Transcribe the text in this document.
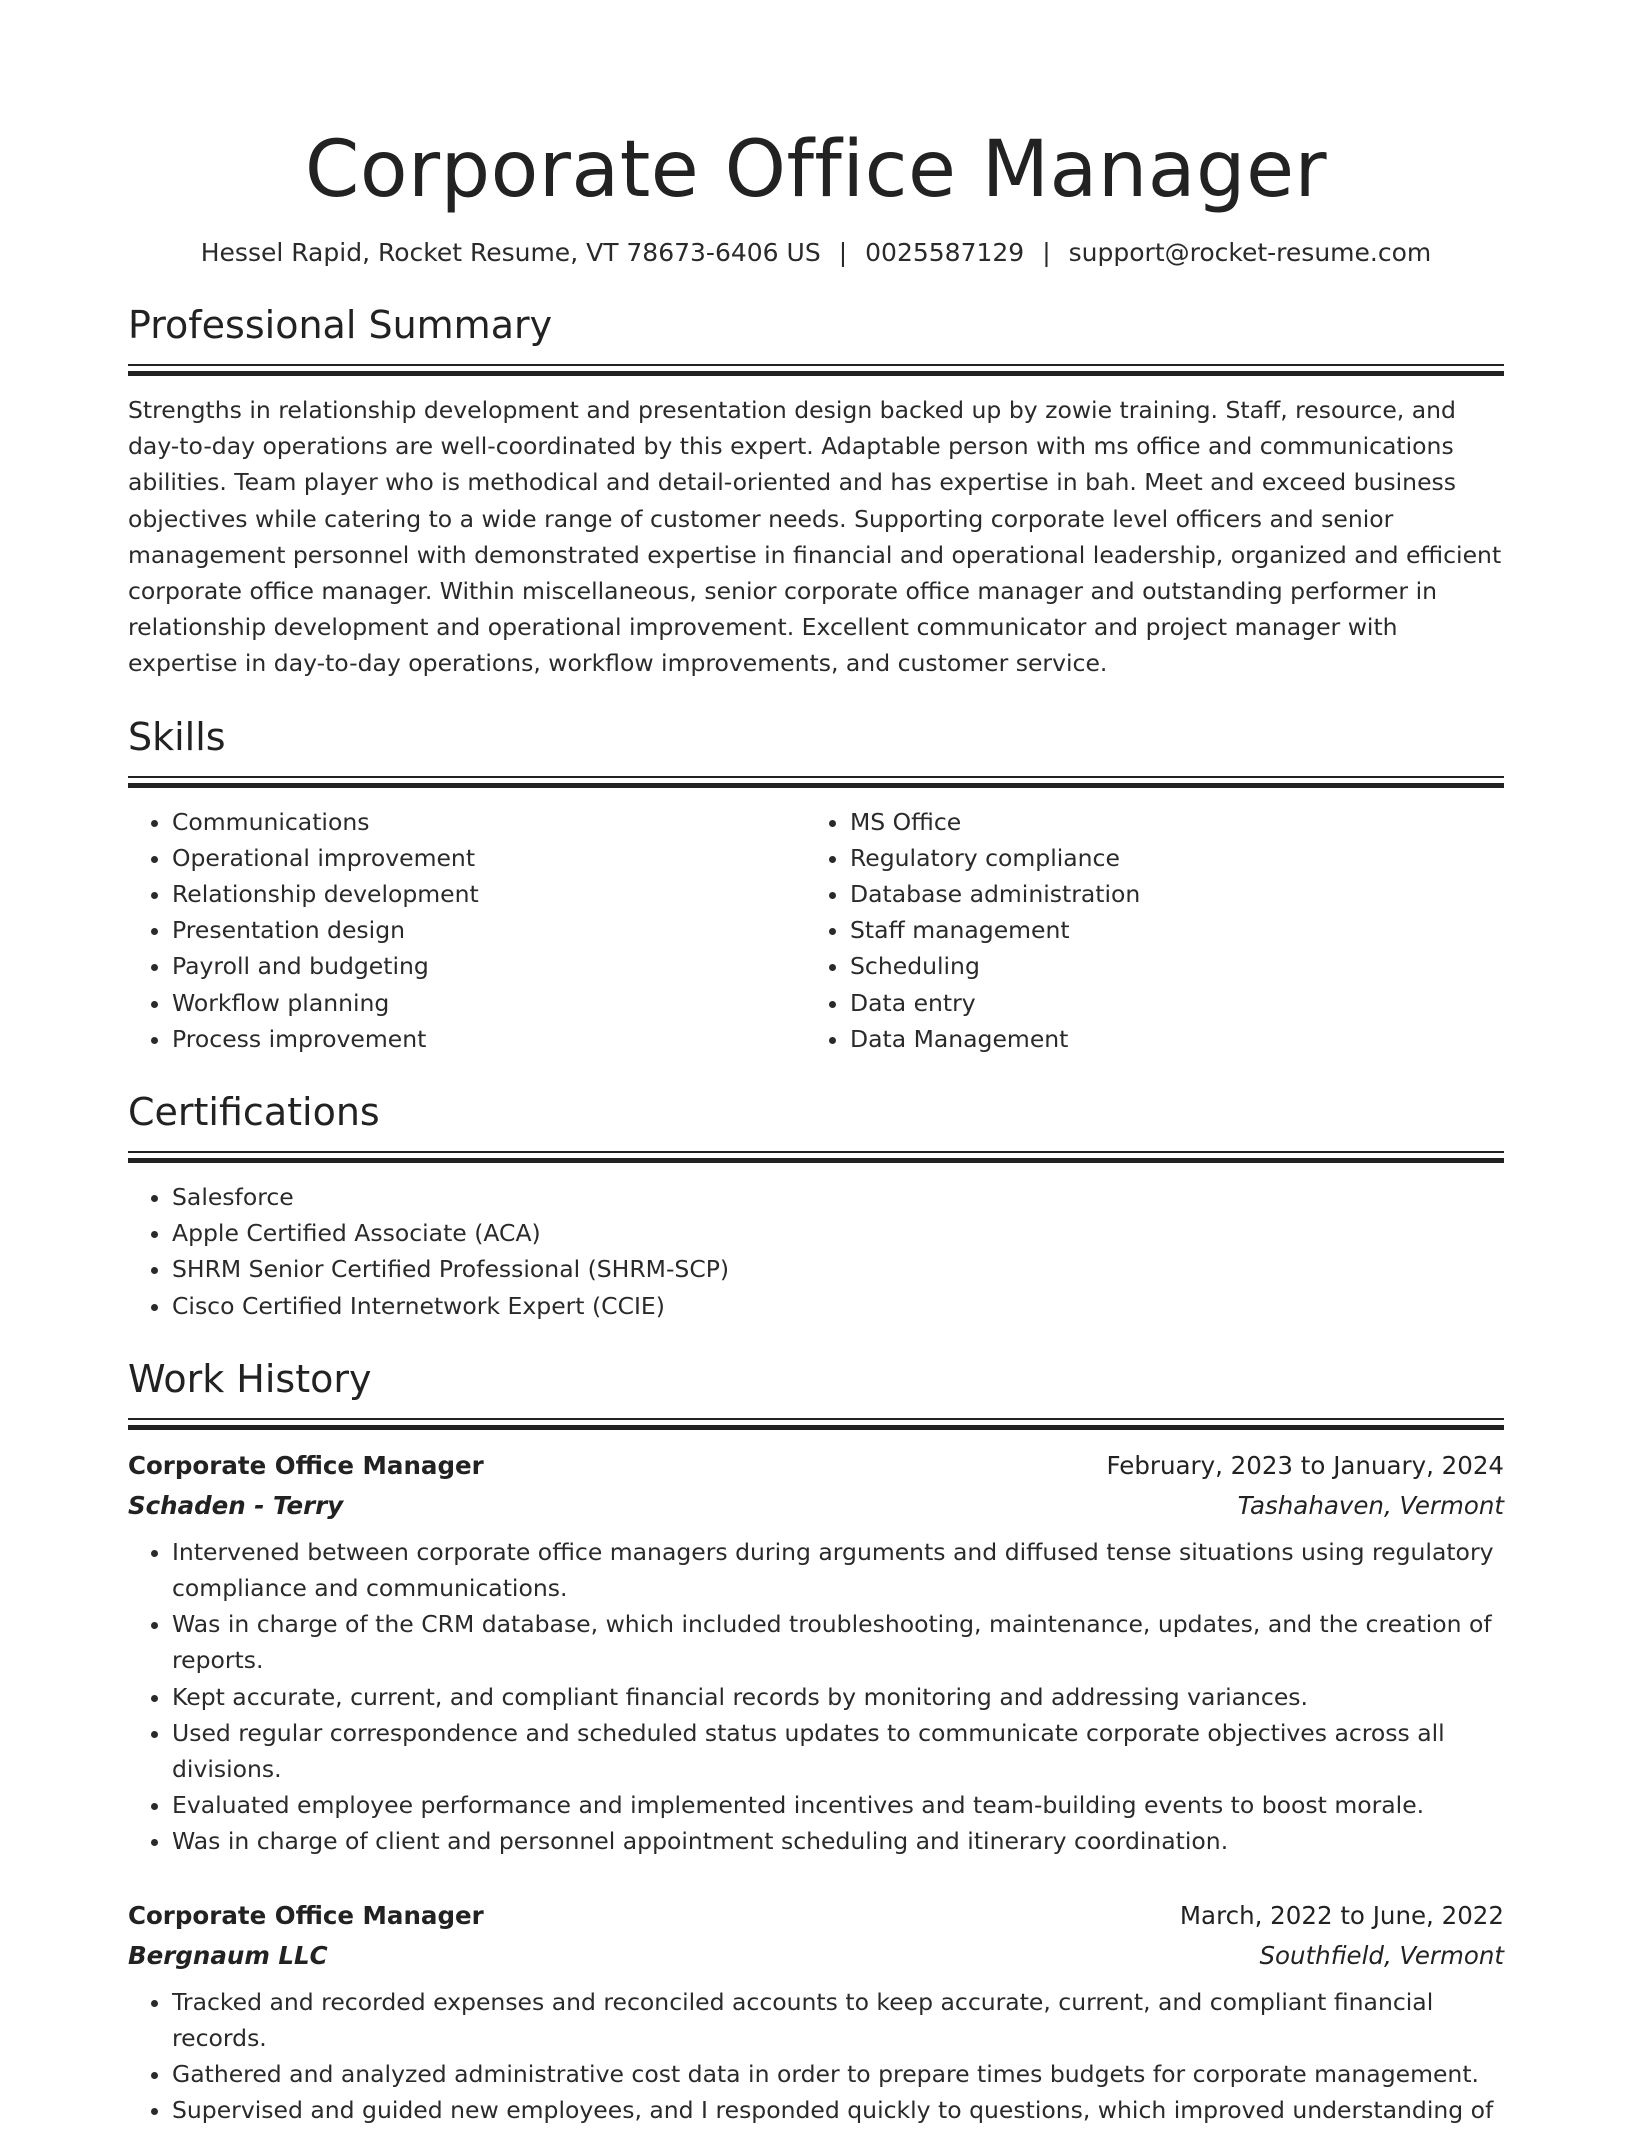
Corporate Office Manager
Hessel Rapid, Rocket Resume, VT 78673-6406 US | 0025587129 | support@rocket-resume.com
Professional Summary

Strengths in relationship development and presentation design backed up by zowie training. Staff, resource, and day-to-day operations are well-coordinated by this expert. Adaptable person with ms office and communications abilities. Team player who is methodical and detail-oriented and has expertise in bah. Meet and exceed business objectives while catering to a wide range of customer needs. Supporting corporate level officers and senior management personnel with demonstrated expertise in financial and operational leadership, organized and efficient corporate office manager. Within miscellaneous, senior corporate office manager and outstanding performer in relationship development and operational improvement. Excellent communicator and project manager with expertise in day-to-day operations, workflow improvements, and customer service.

Skills
• Communications
• Operational improvement
• Relationship development
• Presentation design
• Payroll and budgeting
• Workflow planning
• Process improvement
• MS Office
• Regulatory compliance
• Database administration
• Staff management
• Scheduling
• Data entry
• Data Management
Certifications
• Salesforce
• Apple Certified Associate (ACA)
• SHRM Senior Certified Professional (SHRM-SCP)
• Cisco Certified Internetwork Expert (CCIE)
Work History
Corporate Office Manager	February, 2023 to January, 2024
Schaden - Terry	Tashahaven, Vermont
• Intervened between corporate office managers during arguments and diffused tense situations using regulatory compliance and communications.
• Was in charge of the CRM database, which included troubleshooting, maintenance, updates, and the creation of reports.
• Kept accurate, current, and compliant financial records by monitoring and addressing variances.
• Used regular correspondence and scheduled status updates to communicate corporate objectives across all divisions.
• Evaluated employee performance and implemented incentives and team-building events to boost morale.
• Was in charge of client and personnel appointment scheduling and itinerary coordination.
Corporate Office Manager	March, 2022 to June, 2022
Bergnaum LLC	Southfield, Vermont
• Tracked and recorded expenses and reconciled accounts to keep accurate, current, and compliant financial records.
• Gathered and analyzed administrative cost data in order to prepare times budgets for corporate management.
• Supervised and guided new employees, and I responded quickly to questions, which improved understanding of
